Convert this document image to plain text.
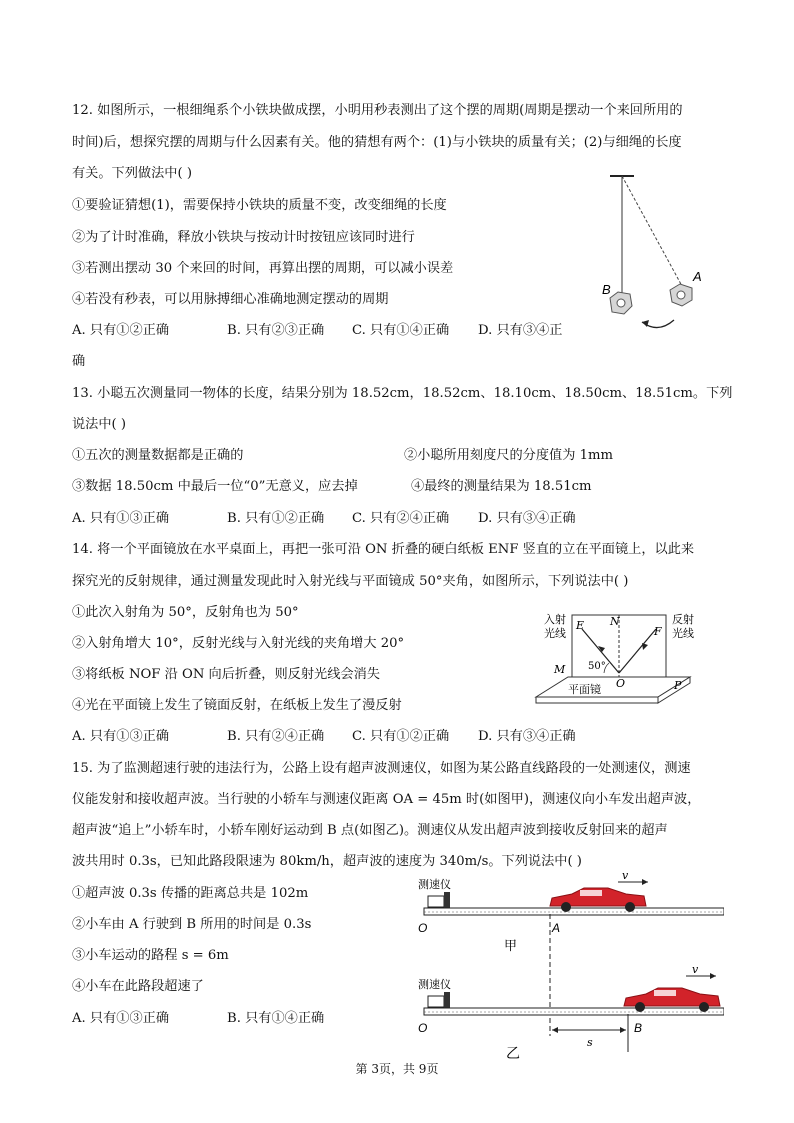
12. 如图所示，一根细绳系个小铁块做成摆，小明用秒表测出了这个摆的周期(周期是摆动一个来回所用的
时间)后，想探究摆的周期与什么因素有关。他的猜想有两个：(1)与小铁块的质量有关；(2)与细绳的长度
有关。下列做法中( )
①要验证猜想(1)，需要保持小铁块的质量不变，改变细绳的长度
②为了计时准确，释放小铁块与按动计时按钮应该同时进行
③若测出摆动 30 个来回的时间，再算出摆的周期，可以减小误差
④若没有秒表，可以用脉搏细心准确地测定摆动的周期
A. 只有①②正确	B. 只有②③正确 C. 只有①④正确 D. 只有③④正
确
A
B
13. 小聪五次测量同一物体的长度，结果分别为 18.52cm，18.52cm、18.10cm、18.50cm、18.51cm。下列
说法中( )
①五次的测量数据都是正确的	②小聪所用刻度尺的分度值为 1mm
③数据 18.50cm 中最后一位“0”无意义，应去掉	④最终的测量结果为 18.51cm
A. 只有①③正确	B. 只有①②正确 C. 只有②④正确 D. 只有③④正确
14. 将一个平面镜放在水平桌面上，再把一张可沿 ON 折叠的硬白纸板 ENF 竖直的立在平面镜上，以此来
探究光的反射规律，通过测量发现此时入射光线与平面镜成 50°夹角，如图所示，下列说法中( )
①此次入射角为 50°，反射角也为 50°
②入射角增大 10°，反射光线与入射光线的夹角增大 20°
③将纸板 NOF 沿 ON 向后折叠，则反射光线会消失
④光在平面镜上发生了镜面反射，在纸板上发生了漫反射
A. 只有①③正确	B. 只有②④正确 C. 只有①②正确 D. 只有③④正确
入射
光线
反射
光线
E N
F
M
O	P
50°
平面镜
15. 为了监测超速行驶的违法行为，公路上设有超声波测速仪，如图为某公路直线路段的一处测速仪，测速
仪能发射和接收超声波。当行驶的小轿车与测速仪距离 OA = 45m 时(如图甲)，测速仪向小车发出超声波，
超声波“追上”小轿车时，小轿车刚好运动到 B 点(如图乙)。测速仪从发出超声波到接收反射回来的超声
波共用时 0.3s，已知此路段限速为 80km/h，超声波的速度为 340m/s。下列说法中( )
①超声波 0.3s 传播的距离总共是 102m
②小车由 A 行驶到 B 所用的时间是 0.3s
③小车运动的路程 s = 6m
④小车在此路段超速了
A. 只有①③正确	B. 只有①④正确
测速仪
v
O	A
甲
测速仪
v
O	B
s
乙
第 3页，共 9页
